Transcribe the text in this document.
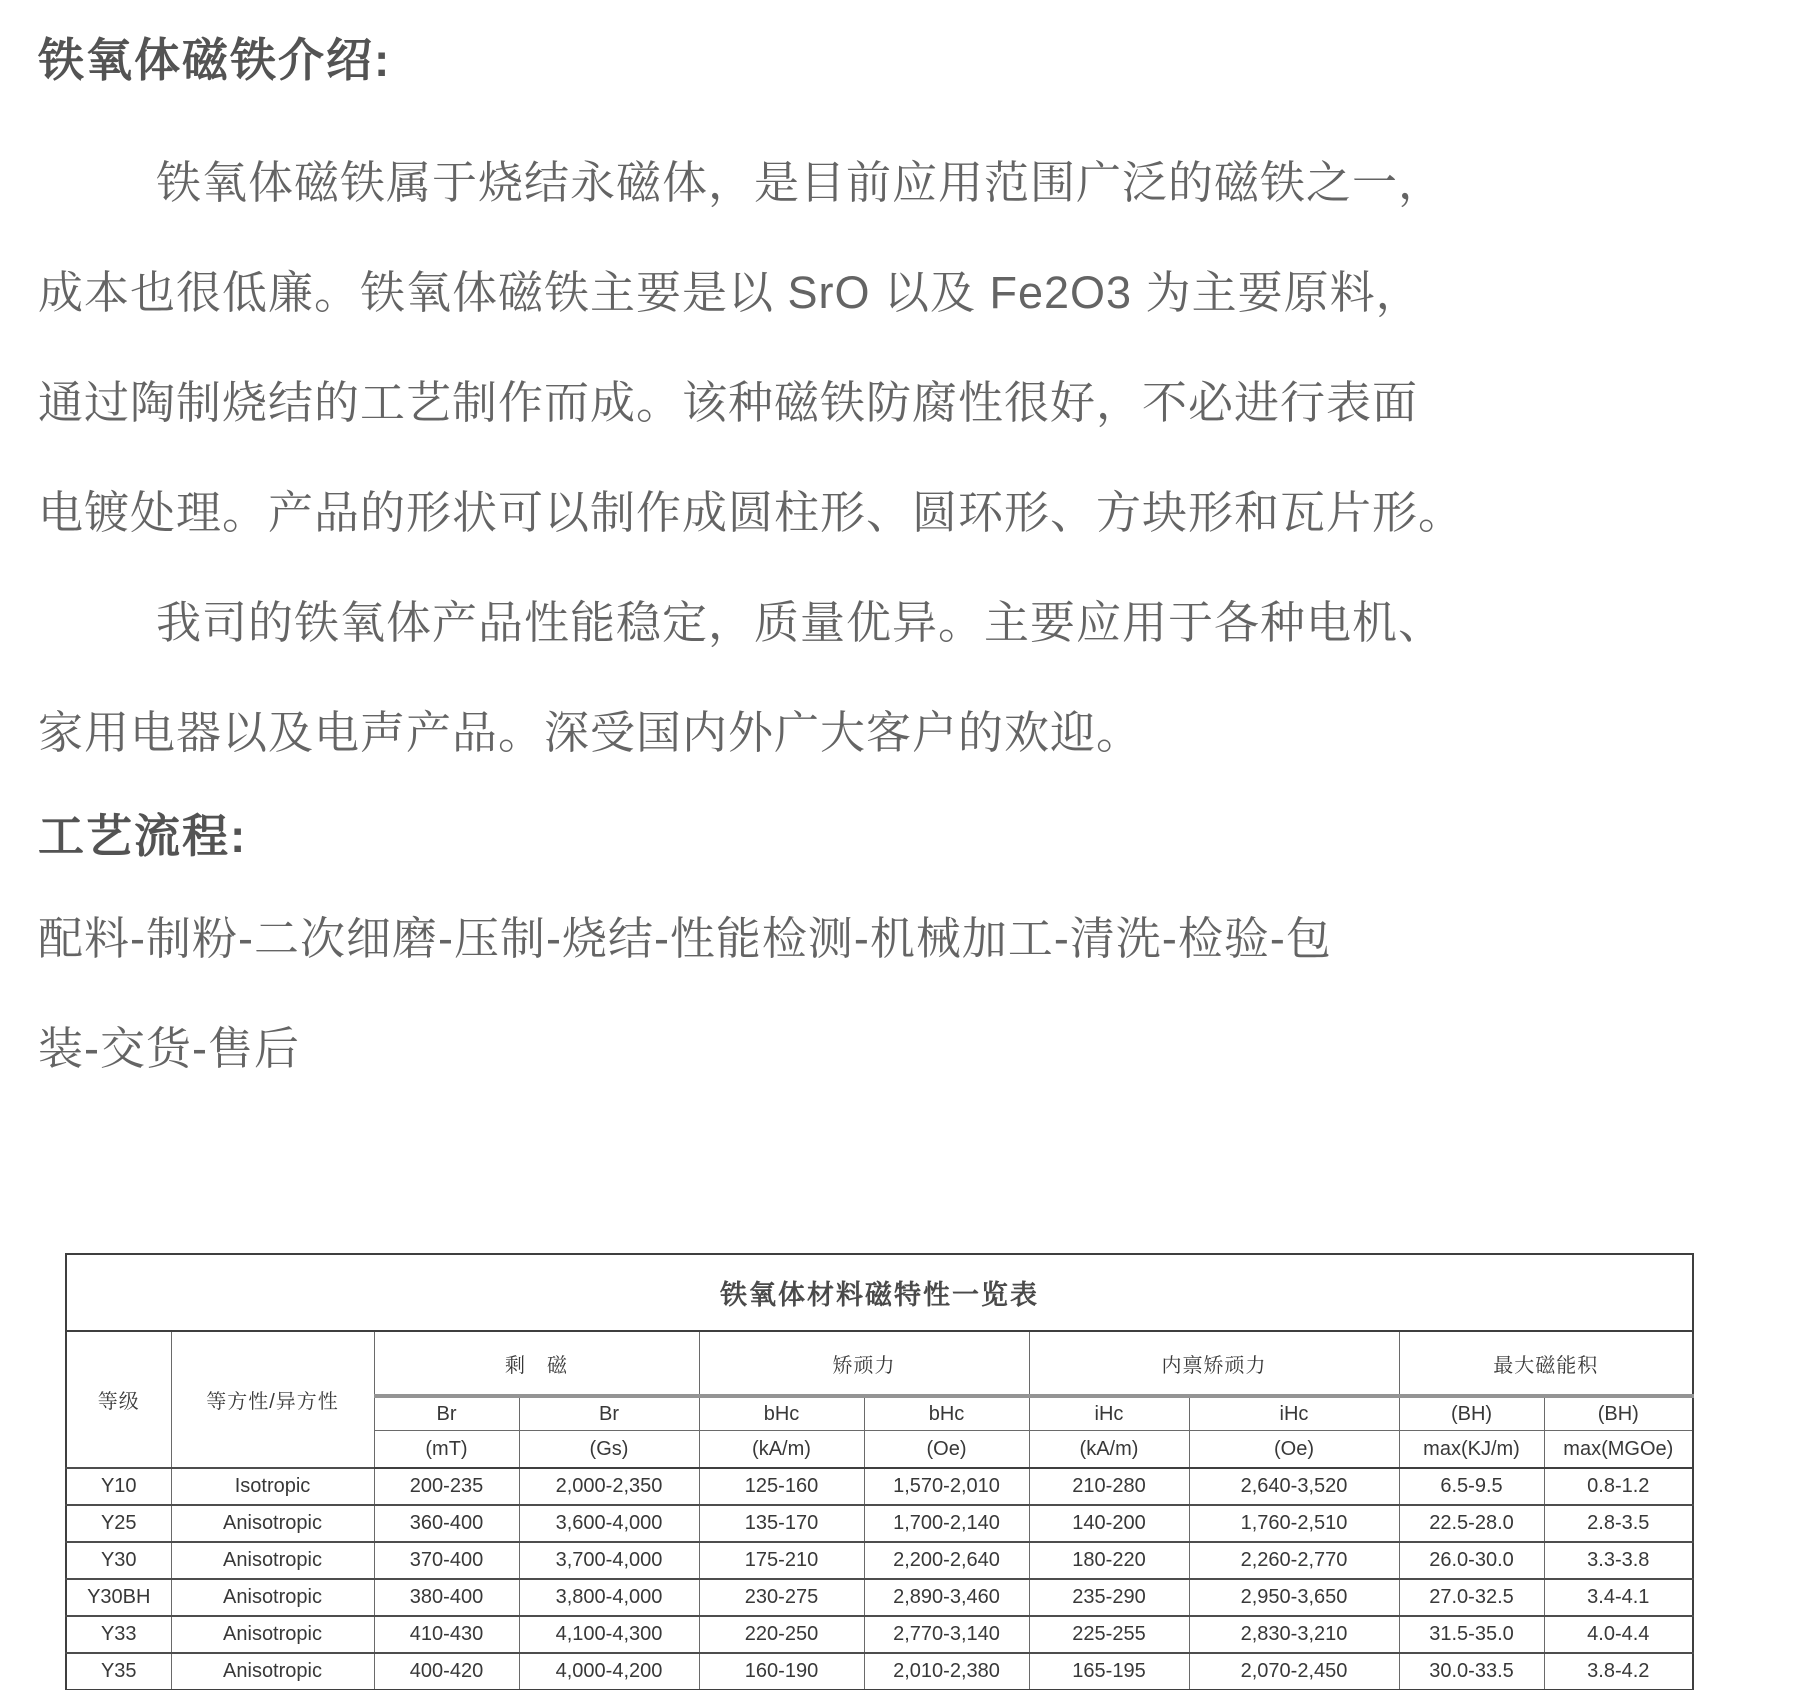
铁氧体磁铁介绍:
铁氧体磁铁属于烧结永磁体，是目前应用范围广泛的磁铁之一，
成本也很低廉。铁氧体磁铁主要是以 SrO 以及 Fe2O3 为主要原料，
通过陶制烧结的工艺制作而成。该种磁铁防腐性很好，不必进行表面
电镀处理。产品的形状可以制作成圆柱形、圆环形、方块形和瓦片形。
我司的铁氧体产品性能稳定，质量优异。主要应用于各种电机、
家用电器以及电声产品。深受国内外广大客户的欢迎。
工艺流程:
配料-制粉-二次细磨-压制-烧结-性能检测-机械加工-清洗-检验-包
装-交货-售后
铁氧体材料磁特性一览表									
等级	等方性/异方性	剩　磁		矫顽力		内禀矫顽力		最大磁能积	
		Br	Br	bHc	bHc	iHc	iHc	(BH)	(BH)
		(mT)	(Gs)	(kA/m)	(Oe)	(kA/m)	(Oe)	max(KJ/m)	max(MGOe)
Y10	Isotropic	200-235	2,000-2,350	125-160	1,570-2,010	210-280	2,640-3,520	6.5-9.5	0.8-1.2
Y25	Anisotropic	360-400	3,600-4,000	135-170	1,700-2,140	140-200	1,760-2,510	22.5-28.0	2.8-3.5
Y30	Anisotropic	370-400	3,700-4,000	175-210	2,200-2,640	180-220	2,260-2,770	26.0-30.0	3.3-3.8
Y30BH	Anisotropic	380-400	3,800-4,000	230-275	2,890-3,460	235-290	2,950-3,650	27.0-32.5	3.4-4.1
Y33	Anisotropic	410-430	4,100-4,300	220-250	2,770-3,140	225-255	2,830-3,210	31.5-35.0	4.0-4.4
Y35	Anisotropic	400-420	4,000-4,200	160-190	2,010-2,380	165-195	2,070-2,450	30.0-33.5	3.8-4.2
